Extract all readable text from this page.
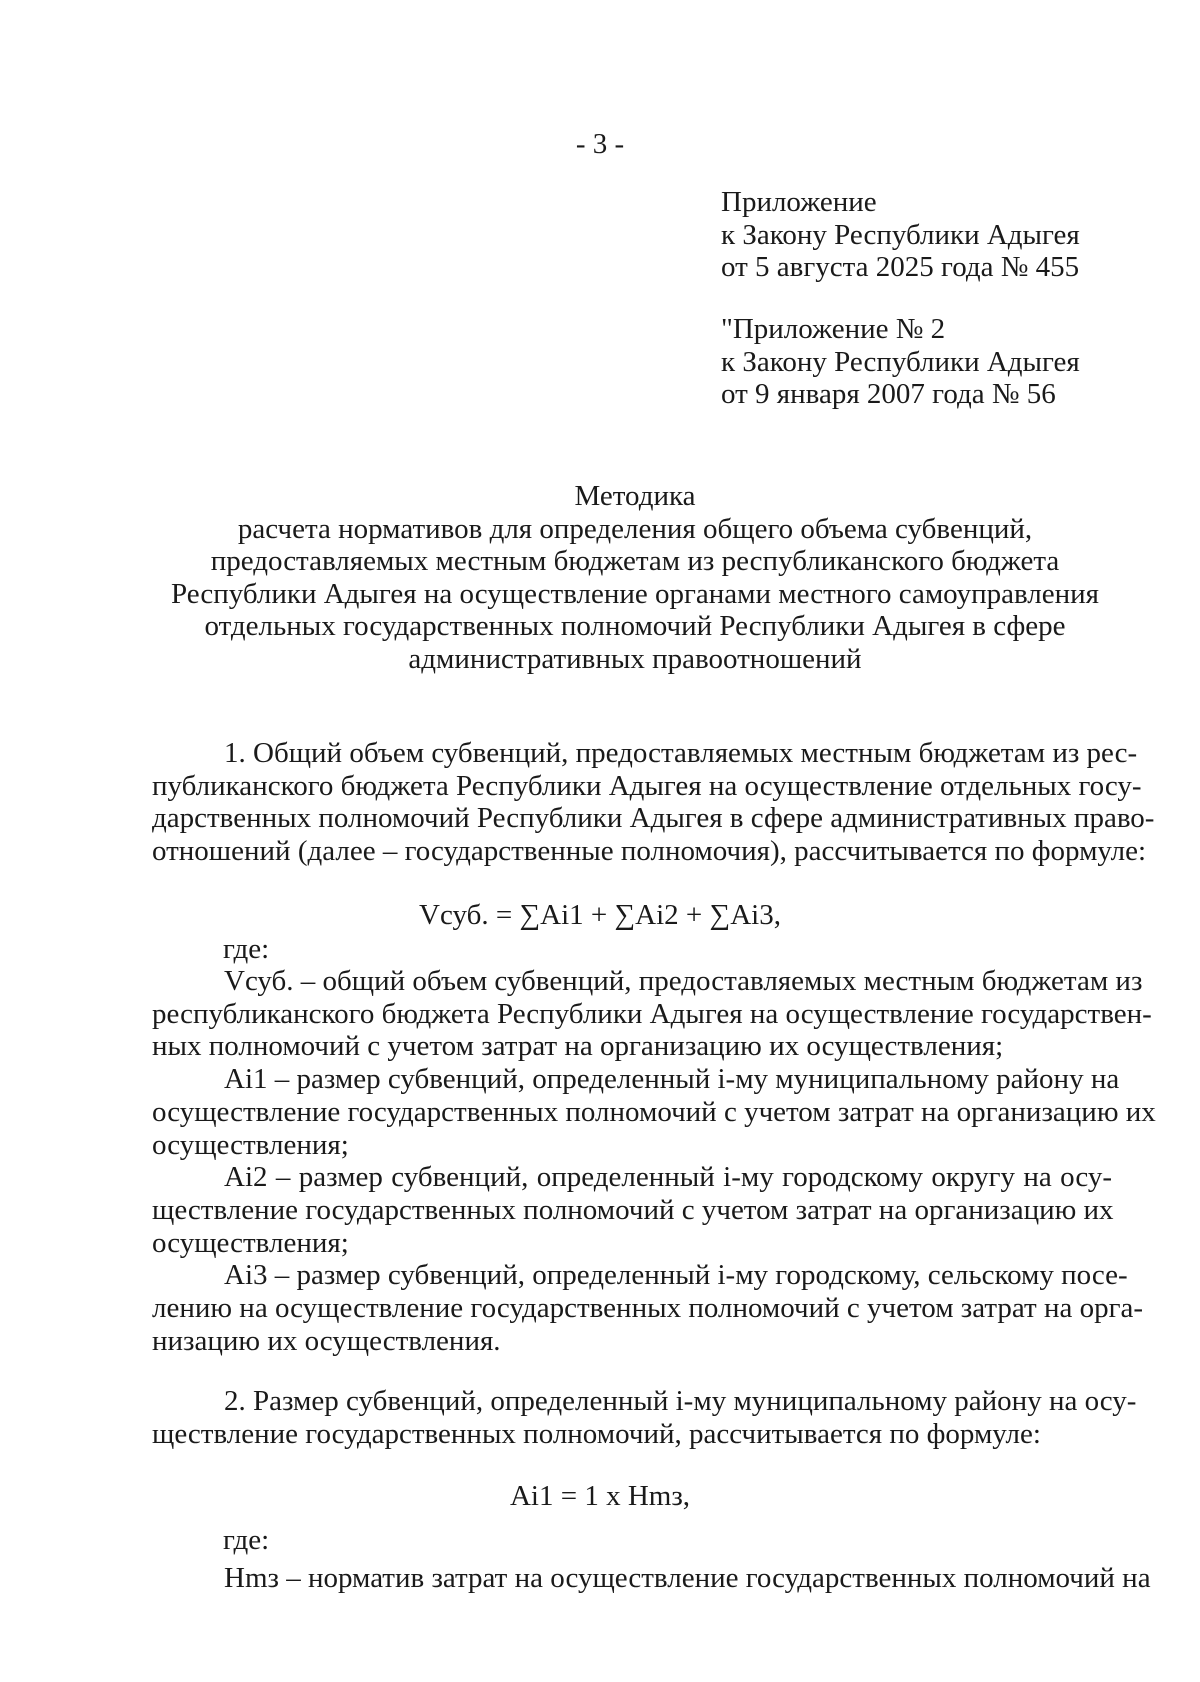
- 3 -
Приложение
к Закону Республики Адыгея
от 5 августа 2025 года № 455
"Приложение № 2
к Закону Республики Адыгея
от 9 января 2007 года № 56
Методика
расчета нормативов для определения общего объема субвенций,
предоставляемых местным бюджетам из республиканского бюджета
Республики Адыгея на осуществление органами местного самоуправления
отдельных государственных полномочий Республики Адыгея в сфере
административных правоотношений
1. Общий объем субвенций, предоставляемых местным бюджетам из рес-
публиканского бюджета Республики Адыгея на осуществление отдельных госу-
дарственных полномочий Республики Адыгея в сфере административных право-
отношений (далее – государственные полномочия), рассчитывается по формуле:
Vсуб. = ∑Ai1 + ∑Ai2 + ∑Ai3,
где:
Vсуб. – общий объем субвенций, предоставляемых местным бюджетам из
республиканского бюджета Республики Адыгея на осуществление государствен-
ных полномочий с учетом затрат на организацию их осуществления;
Ai1 – размер субвенций, определенный i-му муниципальному району на
осуществление государственных полномочий с учетом затрат на организацию их
осуществления;
Ai2 – размер субвенций, определенный i-му городскому округу на осу-
ществление государственных полномочий с учетом затрат на организацию их
осуществления;
Ai3 – размер субвенций, определенный i-му городскому, сельскому посе-
лению на осуществление государственных полномочий с учетом затрат на орга-
низацию их осуществления.
2. Размер субвенций, определенный i-му муниципальному району на осу-
ществление государственных полномочий, рассчитывается по формуле:
Ai1 = 1 x Нmз,
где:
Нmз – норматив затрат на осуществление государственных полномочий на
